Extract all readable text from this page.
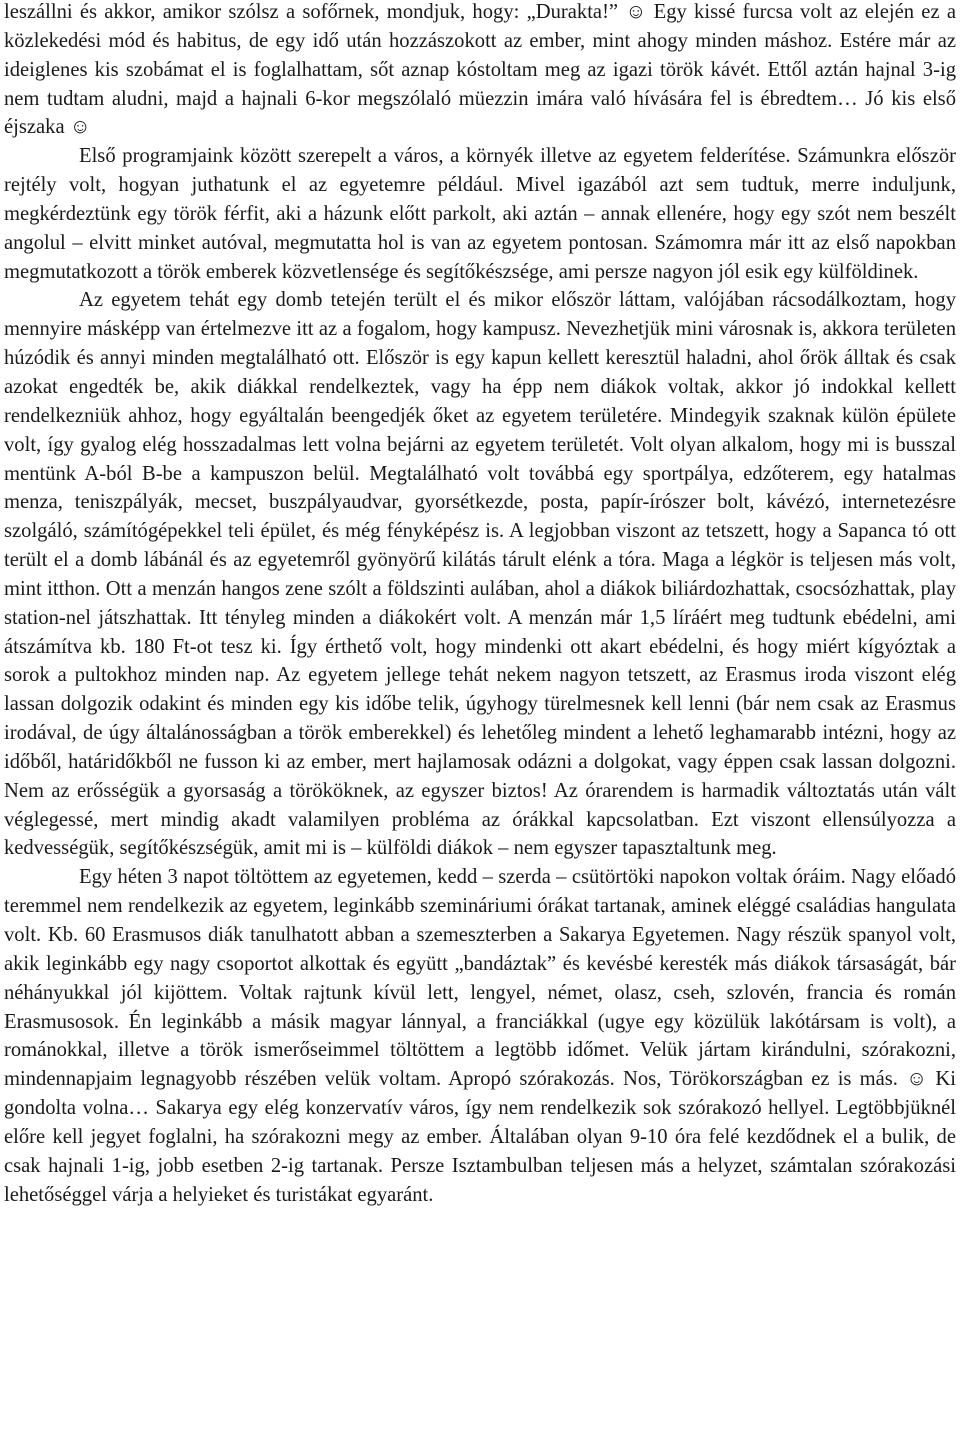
leszállni és akkor, amikor szólsz a sofőrnek, mondjuk, hogy: „Durakta!” ☺ Egy kissé furcsa volt az elején ez a közlekedési mód és habitus, de egy idő után hozzászokott az ember, mint ahogy minden máshoz. Estére már az ideiglenes kis szobámat el is foglalhattam, sőt aznap kóstoltam meg az igazi török kávét. Ettől aztán hajnal 3-ig nem tudtam aludni, majd a hajnali 6-kor megszólaló müezzin imára való hívására fel is ébredtem… Jó kis első éjszaka ☺

Első programjaink között szerepelt a város, a környék illetve az egyetem felderítése. Számunkra először rejtély volt, hogyan juthatunk el az egyetemre például. Mivel igazából azt sem tudtuk, merre induljunk, megkérdeztünk egy török férfit, aki a házunk előtt parkolt, aki aztán – annak ellenére, hogy egy szót nem beszélt angolul – elvitt minket autóval, megmutatta hol is van az egyetem pontosan. Számomra már itt az első napokban megmutatkozott a török emberek közvetlensége és segítőkészsége, ami persze nagyon jól esik egy külföldinek.

Az egyetem tehát egy domb tetején terült el és mikor először láttam, valójában rácsodálkoztam, hogy mennyire másképp van értelmezve itt az a fogalom, hogy kampusz. Nevezhetjük mini városnak is, akkora területen húzódik és annyi minden megtalálható ott. Először is egy kapun kellett keresztül haladni, ahol őrök álltak és csak azokat engedték be, akik diákkal rendelkeztek, vagy ha épp nem diákok voltak, akkor jó indokkal kellett rendelkezniük ahhoz, hogy egyáltalán beengedjék őket az egyetem területére. Mindegyik szaknak külön épülete volt, így gyalog elég hosszadalmas lett volna bejárni az egyetem területét. Volt olyan alkalom, hogy mi is busszal mentünk A-ból B-be a kampuszon belül. Megtalálható volt továbbá egy sportpálya, edzőterem, egy hatalmas menza, teniszpályák, mecset, buszpályaudvar, gyorsétkezde, posta, papír-írószer bolt, kávézó, internetezésre szolgáló, számítógépekkel teli épület, és még fényképész is. A legjobban viszont az tetszett, hogy a Sapanca tó ott terült el a domb lábánál és az egyetemről gyönyörű kilátás tárult elénk a tóra. Maga a légkör is teljesen más volt, mint itthon. Ott a menzán hangos zene szólt a földszinti aulában, ahol a diákok biliárdozhattak, csocsózhattak, play station-nel játszhattak. Itt tényleg minden a diákokért volt. A menzán már 1,5 líráért meg tudtunk ebédelni, ami átszámítva kb. 180 Ft-ot tesz ki. Így érthető volt, hogy mindenki ott akart ebédelni, és hogy miért kígyóztak a sorok a pultokhoz minden nap. Az egyetem jellege tehát nekem nagyon tetszett, az Erasmus iroda viszont elég lassan dolgozik odakint és minden egy kis időbe telik, úgyhogy türelmesnek kell lenni (bár nem csak az Erasmus irodával, de úgy általánosságban a török emberekkel) és lehetőleg mindent a lehető leghamarabb intézni, hogy az időből, határidőkből ne fusson ki az ember, mert hajlamosak odázni a dolgokat, vagy éppen csak lassan dolgozni. Nem az erősségük a gyorsaság a törököknek, az egyszer biztos! Az órarendem is harmadik változtatás után vált véglegessé, mert mindig akadt valamilyen probléma az órákkal kapcsolatban. Ezt viszont ellensúlyozza a kedvességük, segítőkészségük, amit mi is – külföldi diákok – nem egyszer tapasztaltunk meg.

Egy héten 3 napot töltöttem az egyetemen, kedd – szerda – csütörtöki napokon voltak óráim. Nagy előadó teremmel nem rendelkezik az egyetem, leginkább szemináriumi órákat tartanak, aminek eléggé családias hangulata volt. Kb. 60 Erasmusos diák tanulhatott abban a szemeszterben a Sakarya Egyetemen. Nagy részük spanyol volt, akik leginkább egy nagy csoportot alkottak és együtt „bandáztak” és kevésbé keresték más diákok társaságát, bár néhányukkal jól kijöttem. Voltak rajtunk kívül lett, lengyel, német, olasz, cseh, szlovén, francia és román Erasmusosok. Én leginkább a másik magyar lánnyal, a franciákkal (ugye egy közülük lakótársam is volt), a románokkal, illetve a török ismerőseimmel töltöttem a legtöbb időmet. Velük jártam kirándulni, szórakozni, mindennapjaim legnagyobb részében velük voltam. Apropó szórakozás. Nos, Törökországban ez is más. ☺ Ki gondolta volna… Sakarya egy elég konzervatív város, így nem rendelkezik sok szórakozó hellyel. Legtöbbjüknél előre kell jegyet foglalni, ha szórakozni megy az ember. Általában olyan 9-10 óra felé kezdődnek el a bulik, de csak hajnali 1-ig, jobb esetben 2-ig tartanak. Persze Isztambulban teljesen más a helyzet, számtalan szórakozási lehetőséggel várja a helyieket és turistákat egyaránt.
